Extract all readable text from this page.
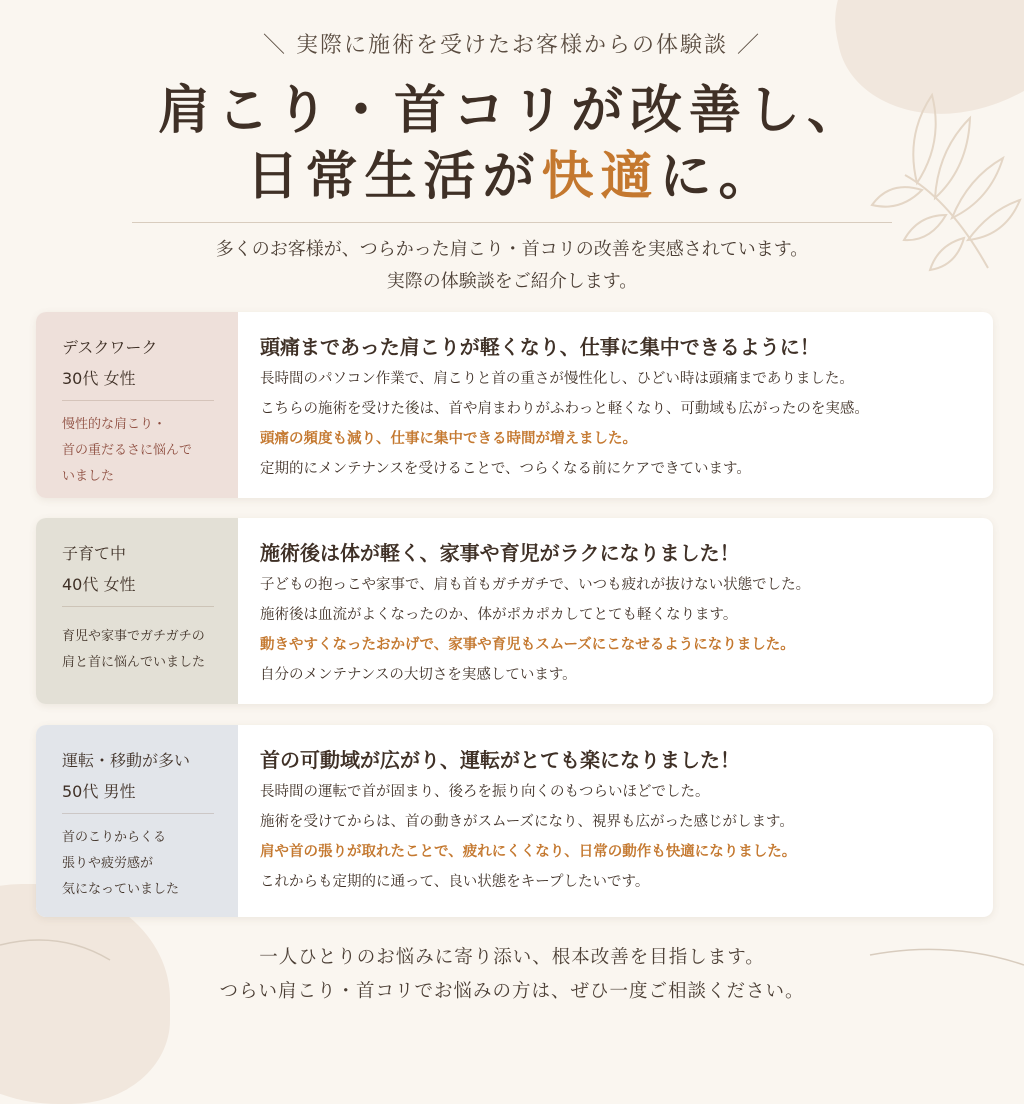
＼ 実際に施術を受けたお客様からの体験談 ／
肩こり・首コリが改善し、
日常生活が快適に。
多くのお客様が、つらかった肩こり・首コリの改善を実感されています。
実際の体験談をご紹介します。
デスクワーク
30代 女性
慢性的な肩こり・
首の重だるさに悩んで
いました
頭痛まであった肩こりが軽くなり、仕事に集中できるように！
長時間のパソコン作業で、肩こりと首の重さが慢性化し、ひどい時は頭痛までありました。
こちらの施術を受けた後は、首や肩まわりがふわっと軽くなり、可動域も広がったのを実感。
頭痛の頻度も減り、仕事に集中できる時間が増えました。
定期的にメンテナンスを受けることで、つらくなる前にケアできています。
子育て中
40代 女性
育児や家事でガチガチの
肩と首に悩んでいました
施術後は体が軽く、家事や育児がラクになりました！
子どもの抱っこや家事で、肩も首もガチガチで、いつも疲れが抜けない状態でした。
施術後は血流がよくなったのか、体がポカポカしてとても軽くなります。
動きやすくなったおかげで、家事や育児もスムーズにこなせるようになりました。
自分のメンテナンスの大切さを実感しています。
運転・移動が多い
50代 男性
首のこりからくる
張りや疲労感が
気になっていました
首の可動域が広がり、運転がとても楽になりました！
長時間の運転で首が固まり、後ろを振り向くのもつらいほどでした。
施術を受けてからは、首の動きがスムーズになり、視界も広がった感じがします。
肩や首の張りが取れたことで、疲れにくくなり、日常の動作も快適になりました。
これからも定期的に通って、良い状態をキープしたいです。
一人ひとりのお悩みに寄り添い、根本改善を目指します。
つらい肩こり・首コリでお悩みの方は、ぜひ一度ご相談ください。
